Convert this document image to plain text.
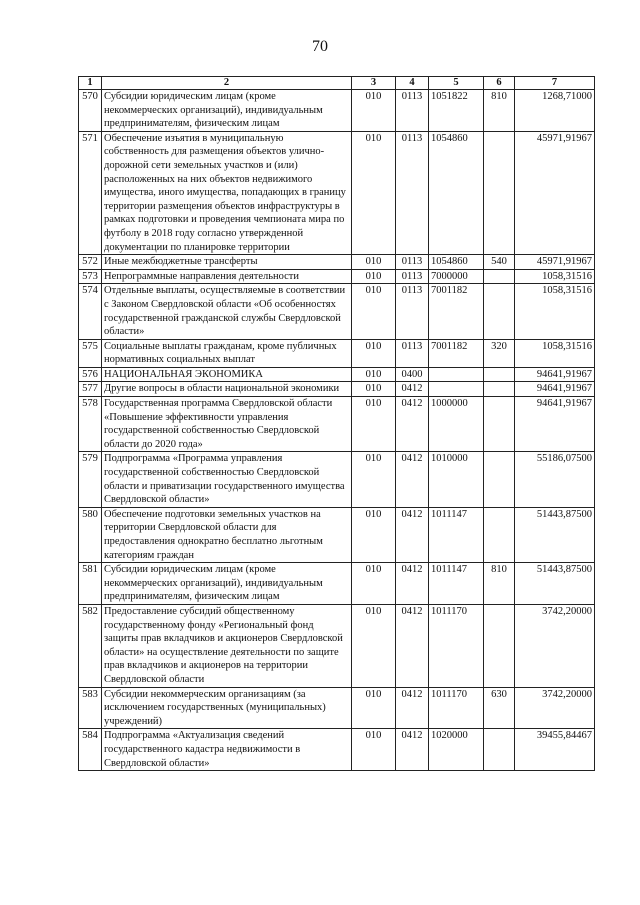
70
1	2	3	4	5	6	7
570	Субсидии юридическим лицам (кроме некоммерческих организаций), индивидуальным предпринимателям, физическим лицам	010	0113	1051822	810	1268,71000
571	Обеспечение изъятия в муниципальную собственность для размещения объектов улично-дорожной сети земельных участков и (или) расположенных на них объектов недвижимого имущества, иного имущества, попадающих в границу территории размещения объектов инфраструктуры в рамках подготовки и проведения чемпионата мира по футболу в 2018 году согласно утвержденной документации по планировке территории	010	0113	1054860		45971,91967
572	Иные межбюджетные трансферты	010	0113	1054860	540	45971,91967
573	Непрограммные направления деятельности	010	0113	7000000		1058,31516
574	Отдельные выплаты, осуществляемые в соответствии с Законом Свердловской области «Об особенностях государственной гражданской службы Свердловской области»	010	0113	7001182		1058,31516
575	Социальные выплаты гражданам, кроме публичных нормативных социальных выплат	010	0113	7001182	320	1058,31516
576	НАЦИОНАЛЬНАЯ ЭКОНОМИКА	010	0400			94641,91967
577	Другие вопросы в области национальной экономики	010	0412			94641,91967
578	Государственная программа Свердловской области «Повышение эффективности управления государственной собственностью Свердловской области до 2020 года»	010	0412	1000000		94641,91967
579	Подпрограмма «Программа управления государственной собственностью Свердловской области и приватизации государственного имущества Свердловской области»	010	0412	1010000		55186,07500
580	Обеспечение подготовки земельных участков на территории Свердловской области для предоставления однократно бесплатно льготным категориям граждан	010	0412	1011147		51443,87500
581	Субсидии юридическим лицам (кроме некоммерческих организаций), индивидуальным предпринимателям, физическим лицам	010	0412	1011147	810	51443,87500
582	Предоставление субсидий общественному государственному фонду «Региональный фонд защиты прав вкладчиков и акционеров Свердловской области» на осуществление деятельности по защите прав вкладчиков и акционеров на территории Свердловской области	010	0412	1011170		3742,20000
583	Субсидии некоммерческим организациям (за исключением государственных (муниципальных) учреждений)	010	0412	1011170	630	3742,20000
584	Подпрограмма «Актуализация сведений государственного кадастра недвижимости в Свердловской области»	010	0412	1020000		39455,84467
